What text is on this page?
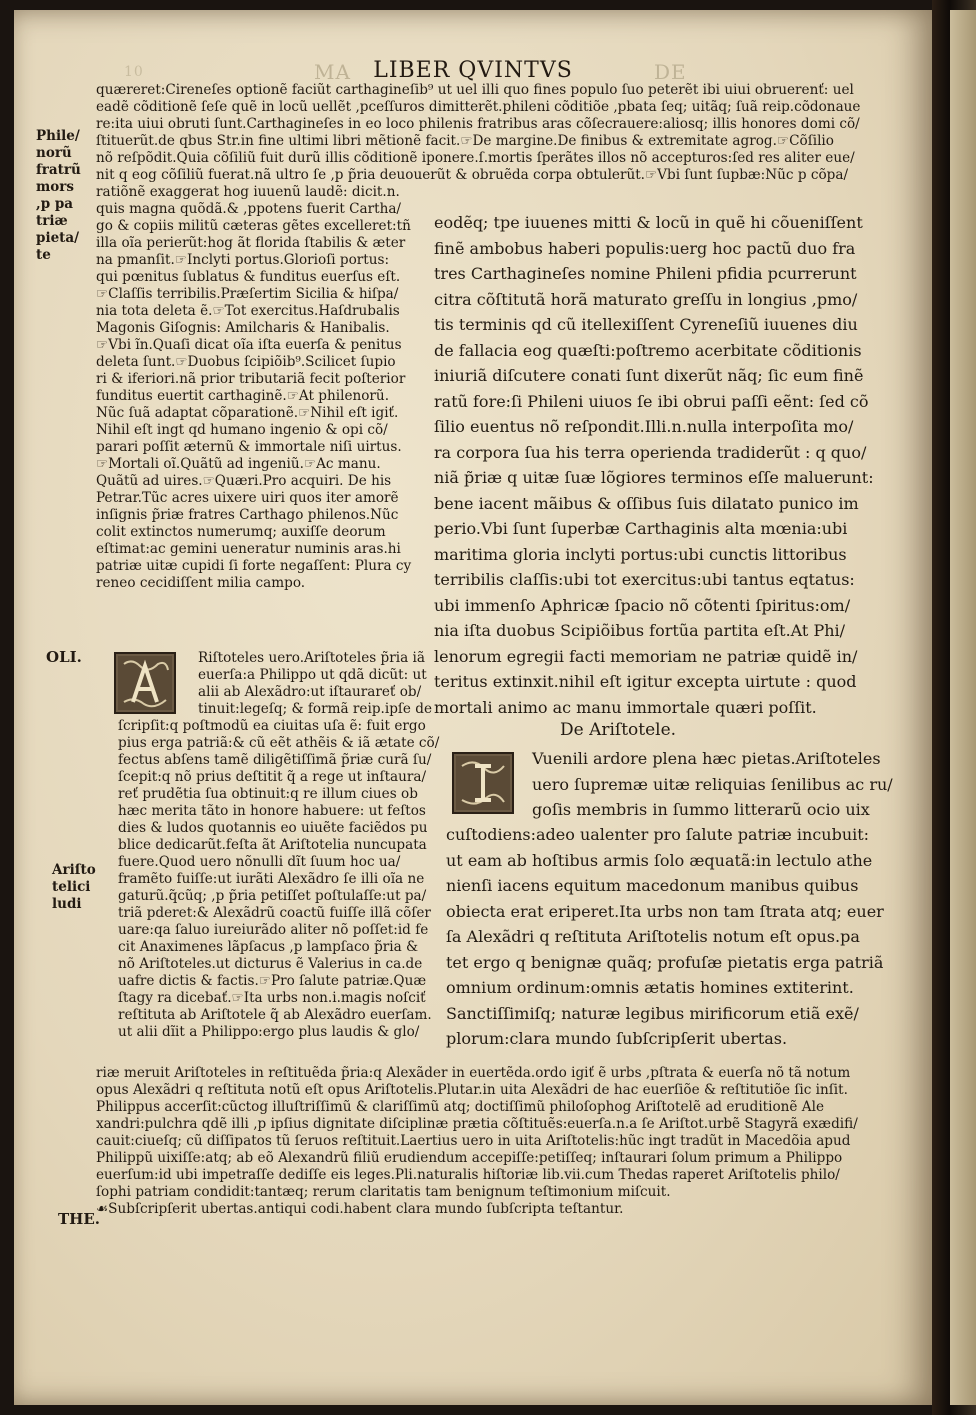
10	MA LIBER QVINTVS	DE
quæreret:Cireneſes optionẽ faciũt carthagineſib⁹ ut uel illi quo fines populo ſuo peterẽt ibi uiui obruerenť: uel
eadẽ cõditionẽ ſeſe quẽ in locũ uellẽt ,pceſſuros dimitterẽt.phileni cõditiõe ,pbata ſeq; uitãq; ſuã reip.cõdonaue
re:ita uiui obruti ſunt.Carthagineſes in eo loco philenis fratribus aras cõſecrauere:aliosq; illis honores domi cõ/
ſtituerũt.de qbus Str.in fine ultimi libri mẽtionẽ facit.☞De margine.De finibus & extremitate agrog.☞Cõſilio
nõ reſpõdit.Quia cõſiliũ fuit durũ illis cõditionẽ iponere.ſ.mortis ſperãtes illos nõ accepturos:ſed res aliter eue/
nit q eog cõſiliũ fuerat.nã ultro ſe ,p p̃ria deuouerũt & obruẽda corpa obtulerũt.☞Vbi ſunt ſupbæ:Nũc p cõpa/
Phile/
norũ
fratrũ
mors
,p pa
triæ
pieta/
te
ratiõnẽ exaggerat hog iuuenũ laudẽ: dicit.n.
quis magna quõdã.& ,ppotens fuerit Cartha/
go & copiis militũ cæteras gẽtes excelleret:tñ
illa oĩa perierũt:hog ãt florida ſtabilis & æter
na pmanſit.☞Inclyti portus.Glorioſi portus:
qui pœnitus ſublatus & funditus euerſus eſt.
☞Claſſis terribilis.Præſertim Sicilia & hiſpa/
nia tota deleta ẽ.☞Tot exercitus.Haſdrubalis
Magonis Giſognis: Amilcharis & Hanibalis.
☞Vbi ĩn.Quaſi dicat oĩa iſta euerſa & penitus
deleta ſunt.☞Duobus ſcipiõib⁹.Scilicet ſupio
ri & iferiori.nã prior tributariã fecit poſterior
funditus euertit carthaginẽ.☞At philenorũ.
Nũc ſuã adaptat cõparationẽ.☞Nihil eſt igiť.
Nihil eſt ingt qd humano ingenio & opi cõ/
parari poſſit æternũ & immortale niſi uirtus.
☞Mortali oĩ.Quãtũ ad ingeniũ.☞Ac manu.
Quãtũ ad uires.☞Quæri.Pro acquiri. De his
Petrar.Tũc acres uixere uiri quos iter amorẽ
inſignis p̃riæ fratres Carthago philenos.Nũc
colit extinctos numerumq; auxiſſe deorum
eſtimat:ac gemini ueneratur numinis aras.hi
patriæ uitæ cupidi ſi forte negaſſent: Plura cy
reneo cecidiſſent milia campo.
OLI.	Riſtoteles uero.Ariſtoteles p̃ria iã
euerſa:a Philippo ut qdã dicũt: ut
alii ab Alexãdro:ut iſtaurareť ob/
tinuit:legeſq; & formã reip.ipſe de
ſcripſit:q poſtmodũ ea ciuitas uſa ẽ: fuit ergo
pius erga patriã:& cũ eẽt athẽis & iã ætate cõ/
fectus abſens tamẽ diligẽtiſſimã p̃riæ curã ſu/
ſcepit:q nõ prius deſtitit q̃ a rege ut inſtaura/
reť prudẽtia ſua obtinuit:q re illum ciues ob
hæc merita tãto in honore habuere: ut feſtos
dies & ludos quotannis eo uiuẽte faciẽdos pu
blice dedicarũt.feſta ãt Ariſtotelia nuncupata
fuere.Quod uero nõnulli dĩt ſuum hoc ua/
framẽto fuiſſe:ut iurãti Alexãdro ſe illi oĩa ne
gaturũ.q̃cũq; ,p p̃ria petiſſet poſtulaſſe:ut pa/
triã pderet:& Alexãdrũ coactũ fuiſſe illã cõſer
uare:qa ſaluo iureiurãdo aliter nõ poſſet:id fe
cit Anaximenes lãpſacus ,p lampſaco p̃ria &
nõ Ariſtoteles.ut dicturus ẽ Valerius in ca.de
uafre dictis & factis.☞Pro ſalute patriæ.Quæ
ſtagy ra dicebať.☞Ita urbs non.i.magis noſciť
reſtituta ab Ariſtotele q̃ ab Alexãdro euerſam.
ut alii dĩit a Philippo:ergo plus laudis & glo/
Ariſto
telici
ludi
eodẽq; tpe iuuenes mitti & locũ in quẽ hi cõueniſſent
finẽ ambobus haberi populis:uerg hoc pactũ duo fra
tres Carthagineſes nomine Phileni pfidia pcurrerunt
citra cõſtitutã horã maturato greſſu in longius ,pmo/
tis terminis qd cũ itellexiſſent Cyreneſiũ iuuenes diu
de fallacia eog quæſti:poſtremo acerbitate cõditionis
iniuriã diſcutere conati ſunt dixerũt nãq; ſic eum finẽ
ratũ fore:ſi Phileni uiuos ſe ibi obrui paſſi eẽnt: ſed cõ
ſilio euentus nõ reſpondit.Illi.n.nulla interpoſita mo/
ra corpora ſua his terra operienda tradiderũt : q quo/
niã p̃riæ q uitæ ſuæ lõgiores terminos eſſe maluerunt:
bene iacent mãibus & oſſibus ſuis dilatato punico im
perio.Vbi ſunt ſuperbæ Carthaginis alta mœnia:ubi
maritima gloria inclyti portus:ubi cunctis littoribus
terribilis claſſis:ubi tot exercitus:ubi tantus eqtatus:
ubi immenſo Aphricæ ſpacio nõ cõtenti ſpiritus:om/
nia iſta duobus Scipiõibus fortũa partita eſt.At Phi/
lenorum egregii facti memoriam ne patriæ quidẽ in/
teritus extinxit.nihil eſt igitur excepta uirtute : quod
mortali animo ac manu immortale quæri poſſit.
De Ariſtotele.
Vuenili ardore plena hæc pietas.Ariſtoteles
uero ſupremæ uitæ reliquias ſenilibus ac ru/
goſis membris in ſummo litterarũ ocio uix
cuſtodiens:adeo ualenter pro ſalute patriæ incubuit:
ut eam ab hoſtibus armis ſolo æquatã:in lectulo athe
nienſi iacens equitum macedonum manibus quibus
obiecta erat eriperet.Ita urbs non tam ſtrata atq; euer
ſa Alexãdri q reſtituta Ariſtotelis notum eſt opus.pa
tet ergo q benignæ quãq; profuſæ pietatis erga patriã
omnium ordinum:omnis ætatis homines extiterint.
Sanctiſſimiſq; naturæ legibus mirificorum etiã exẽ/
plorum:clara mundo ſubſcripſerit ubertas.
riæ meruit Ariſtoteles in reſtituẽda p̃ria:q Alexãder in euertẽda.ordo igiť ẽ urbs ,pſtrata & euerſa nõ tã notum
opus Alexãdri q reſtituta notũ eſt opus Ariſtotelis.Plutar.in uita Alexãdri de hac euerſiõe & reſtitutiõe ſic inſit.
Philippus accerſit:cũctog illuſtriſſimũ & clariſſimũ atq; doctiſſimũ philoſophog Ariſtotelẽ ad eruditionẽ Ale
xandri:pulchra qdẽ illi ,p ipſius dignitate diſciplinæ prætia cõſtituẽs:euerſa.n.a ſe Ariſtot.urbẽ Stagyrã exædifi/
cauit:ciueſq; cũ diſſipatos tũ ſeruos reſtituit.Laertius uero in uita Ariſtotelis:hũc ingt tradũt in Macedõia apud
Philippũ uixiſſe:atq; ab eõ Alexandrũ filiũ erudiendum accepiſſe:petiſſeq; inſtaurari ſolum primum a Philippo
euerſum:id ubi impetraſſe dediſſe eis leges.Pli.naturalis hiſtoriæ lib.vii.cum Thedas raperet Ariſtotelis philo/
ſophi patriam condidit:tantæq; rerum claritatis tam benignum teſtimonium miſcuit.
☙Subſcripſerit ubertas.antiqui codi.habent clara mundo ſubſcripta teſtantur.
THE.
